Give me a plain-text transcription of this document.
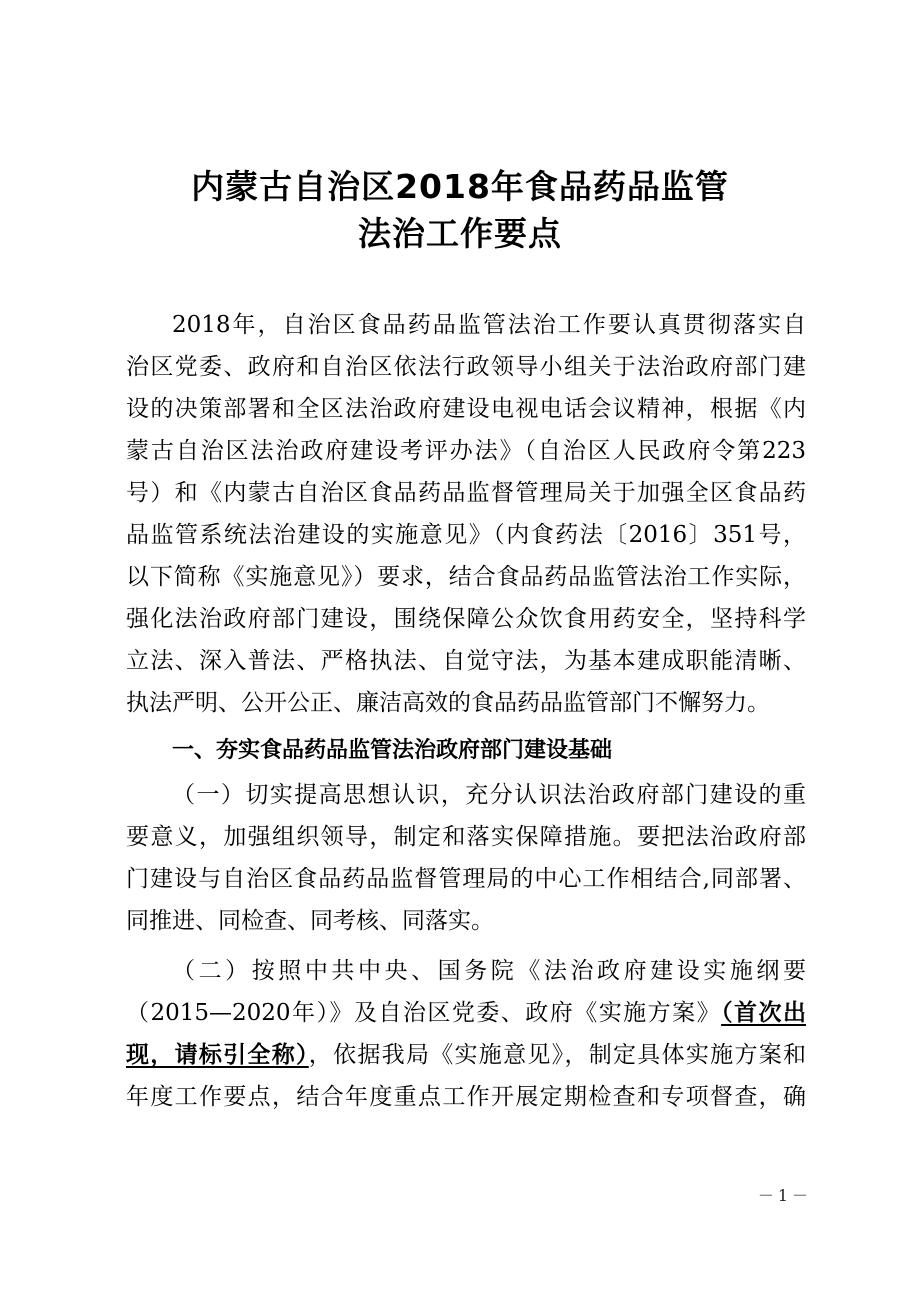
内蒙古自治区2018年食品药品监管
法治工作要点
2018年，自治区食品药品监管法治工作要认真贯彻落实自
治区党委、政府和自治区依法行政领导小组关于法治政府部门建
设的决策部署和全区法治政府建设电视电话会议精神，根据《内
蒙古自治区法治政府建设考评办法》（自治区人民政府令第223
号）和《内蒙古自治区食品药品监督管理局关于加强全区食品药
品监管系统法治建设的实施意见》（内食药法〔2016〕351号，
以下简称《实施意见》）要求，结合食品药品监管法治工作实际，
强化法治政府部门建设，围绕保障公众饮食用药安全，坚持科学
立法、深入普法、严格执法、自觉守法，为基本建成职能清晰、
执法严明、公开公正、廉洁高效的食品药品监管部门不懈努力。
一、夯实食品药品监管法治政府部门建设基础
（一）切实提高思想认识，充分认识法治政府部门建设的重
要意义，加强组织领导，制定和落实保障措施。要把法治政府部
门建设与自治区食品药品监督管理局的中心工作相结合,同部署、
同推进、同检查、同考核、同落实。
（二）按照中共中央、国务院《法治政府建设实施纲要
（2015—2020年）》及自治区党委、政府《实施方案》（首次出
现，请标引全称），依据我局《实施意见》，制定具体实施方案和
年度工作要点，结合年度重点工作开展定期检查和专项督查，确
－1－
